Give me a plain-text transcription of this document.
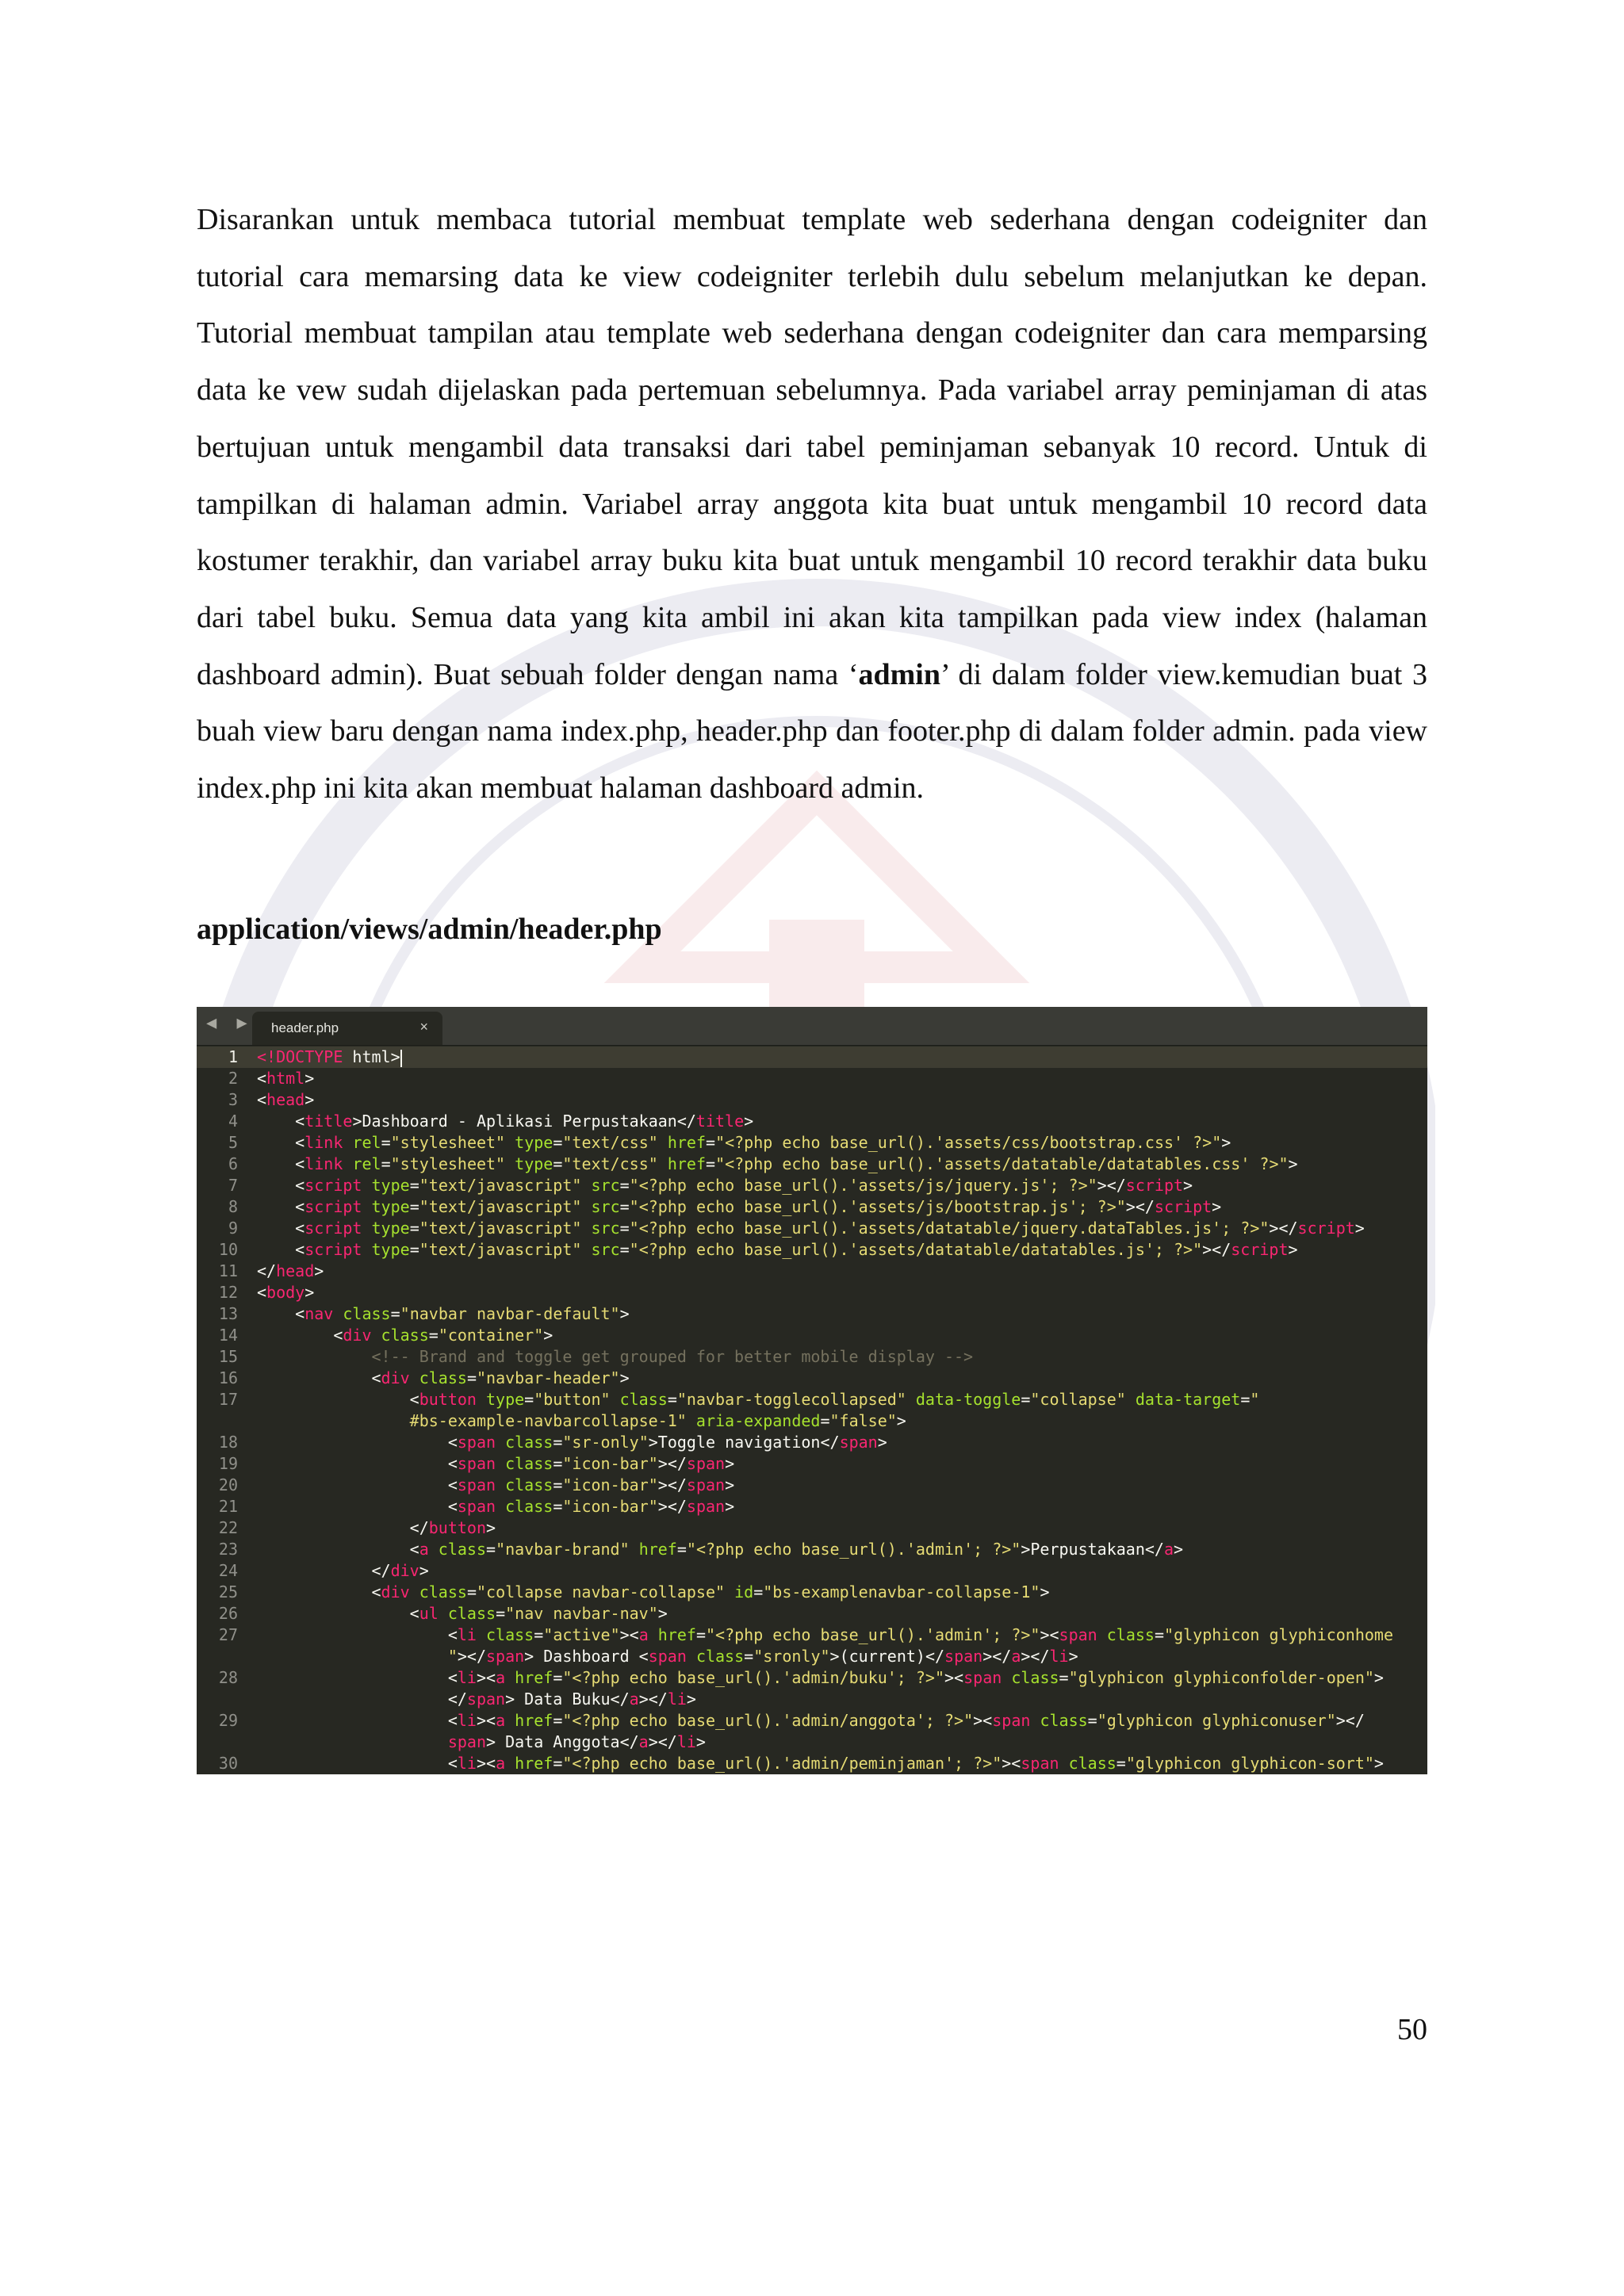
Disarankan untuk membaca tutorial membuat template web sederhana dengan codeigniter dan tutorial cara memarsing data ke view codeigniter terlebih dulu sebelum melanjutkan ke depan. Tutorial membuat tampilan atau template web sederhana dengan codeigniter dan cara memparsing data ke vew sudah dijelaskan pada pertemuan sebelumnya. Pada variabel array peminjaman di atas bertujuan untuk mengambil data transaksi dari tabel peminjaman sebanyak 10 record. Untuk di tampilkan di halaman admin. Variabel array anggota kita buat untuk mengambil 10 record data kostumer terakhir, dan variabel array buku kita buat untuk mengambil 10 record terakhir data buku dari tabel buku. Semua data yang kita ambil ini akan kita tampilkan pada view index (halaman dashboard admin). Buat sebuah folder dengan nama ‘admin’ di dalam folder view.kemudian buat 3 buah view baru dengan nama index.php, header.php dan footer.php di dalam folder admin. pada view index.php ini kita akan membuat halaman dashboard admin.

application/views/admin/header.php

◀ ▶ header.php	×
1 <!DOCTYPE html>
2 <html>
3 <head>
4	<title>Dashboard - Aplikasi Perpustakaan</title>
5	<link rel="stylesheet" type="text/css" href="<?php echo base_url().'assets/css/bootstrap.css' ?>">
6	<link rel="stylesheet" type="text/css" href="<?php echo base_url().'assets/datatable/datatables.css' ?>">
7	<script type="text/javascript" src="<?php echo base_url().'assets/js/jquery.js'; ?>"></script>
8	<script type="text/javascript" src="<?php echo base_url().'assets/js/bootstrap.js'; ?>"></script>
9	<script type="text/javascript" src="<?php echo base_url().'assets/datatable/jquery.dataTables.js'; ?>"></script>
10	<script type="text/javascript" src="<?php echo base_url().'assets/datatable/datatables.js'; ?>"></script>
11 </head>
12 <body>
13	<nav class="navbar navbar-default">
14	<div class="container">
15	<!-- Brand and toggle get grouped for better mobile display -->
16	<div class="navbar-header">
17	<button type="button" class="navbar-togglecollapsed" data-toggle="collapse" data-target="
#bs-example-navbarcollapse-1" aria-expanded="false">
18	<span class="sr-only">Toggle navigation</span>
19	<span class="icon-bar"></span>
20	<span class="icon-bar"></span>
21	<span class="icon-bar"></span>
22	</button>
23	<a class="navbar-brand" href="<?php echo base_url().'admin'; ?>">Perpustakaan</a>
24	</div>
25	<div class="collapse navbar-collapse" id="bs-examplenavbar-collapse-1">
26	<ul class="nav navbar-nav">
27	<li class="active"><a href="<?php echo base_url().'admin'; ?>"><span class="glyphicon glyphiconhome
"></span> Dashboard <span class="sronly">(current)</span></a></li>
28	<li><a href="<?php echo base_url().'admin/buku'; ?>"><span class="glyphicon glyphiconfolder-open">
</span> Data Buku</a></li>
29	<li><a href="<?php echo base_url().'admin/anggota'; ?>"><span class="glyphicon glyphiconuser"></
span> Data Anggota</a></li>
30	<li><a href="<?php echo base_url().'admin/peminjaman'; ?>"><span class="glyphicon glyphicon-sort">

50
